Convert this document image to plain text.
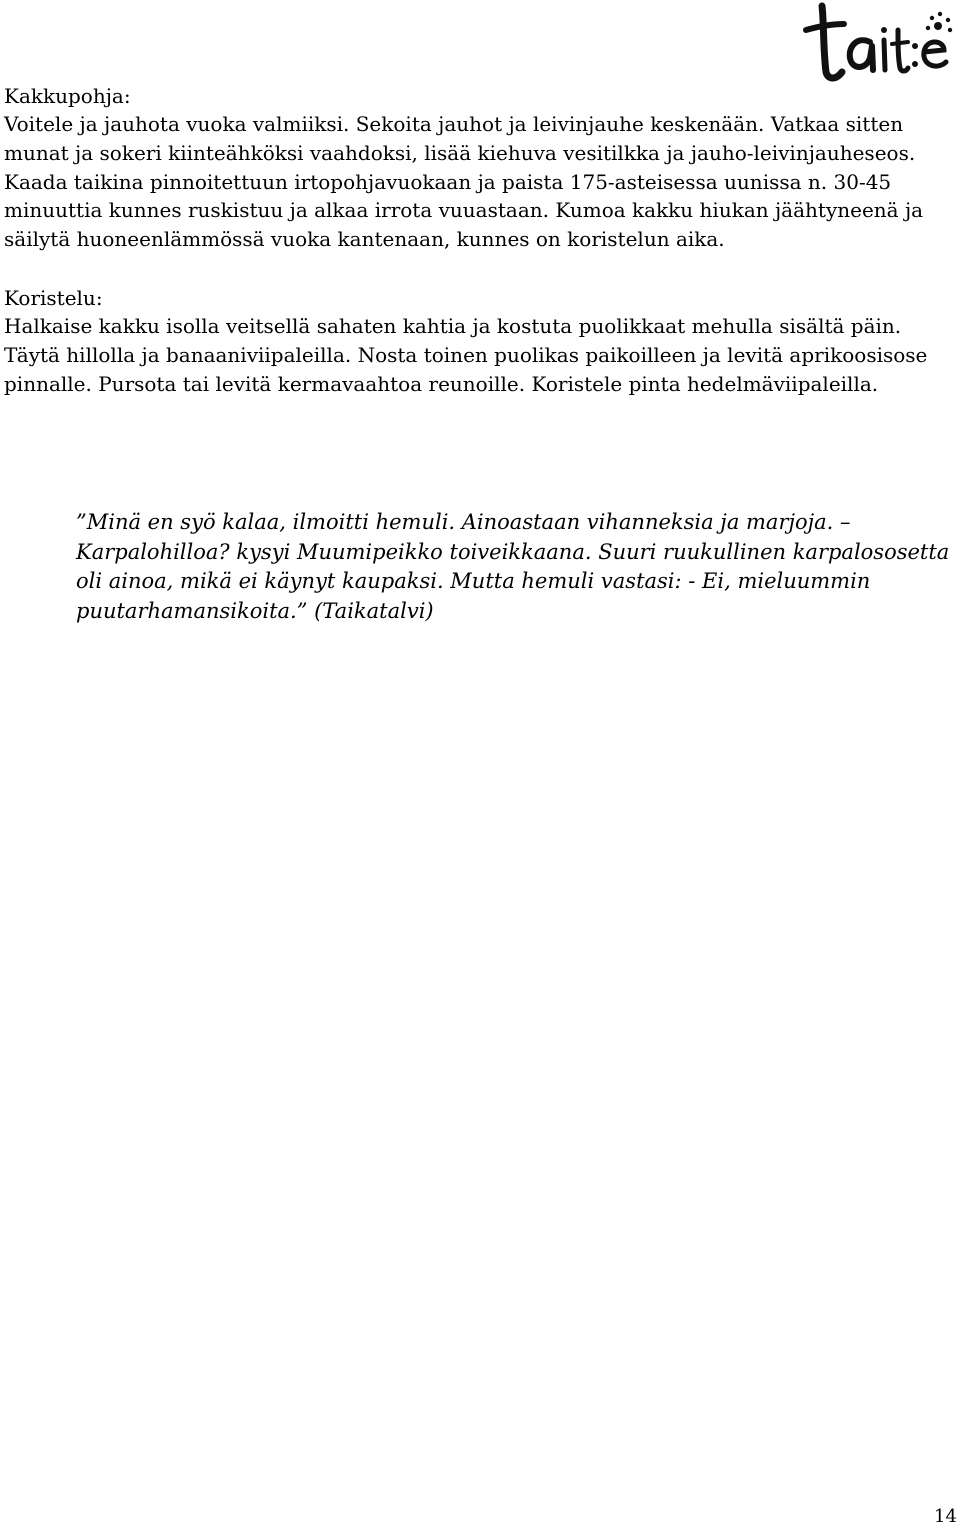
Kakkupohja:

Voitele ja jauhota vuoka valmiiksi. Sekoita jauhot ja leivinjauhe keskenään. Vatkaa sitten munat ja sokeri kiinteähköksi vaahdoksi, lisää kiehuva vesitilkka ja jauho-leivinjauheseos. Kaada taikina pinnoitettuun irtopohjavuokaan ja paista 175-asteisessa uunissa n. 30-45 minuuttia kunnes ruskistuu ja alkaa irrota vuuastaan. Kumoa kakku hiukan jäähtyneenä ja säilytä huoneenlämmössä vuoka kantenaan, kunnes on koristelun aika.

Koristelu:

Halkaise kakku isolla veitsellä sahaten kahtia ja kostuta puolikkaat mehulla sisältä päin. Täytä hillolla ja banaaniviipaleilla. Nosta toinen puolikas paikoilleen ja levitä aprikoosisose pinnalle. Pursota tai levitä kermavaahtoa reunoille. Koristele pinta hedelmäviipaleilla.

”Minä en syö kalaa, ilmoitti hemuli. Ainoastaan vihanneksia ja marjoja. – Karpalohilloa? kysyi Muumipeikko toiveikkaana. Suuri ruukullinen karpalososetta oli ainoa, mikä ei käynyt kaupaksi. Mutta hemuli vastasi: - Ei, mieluummin puutarhamansikoita.” (Taikatalvi)
14
